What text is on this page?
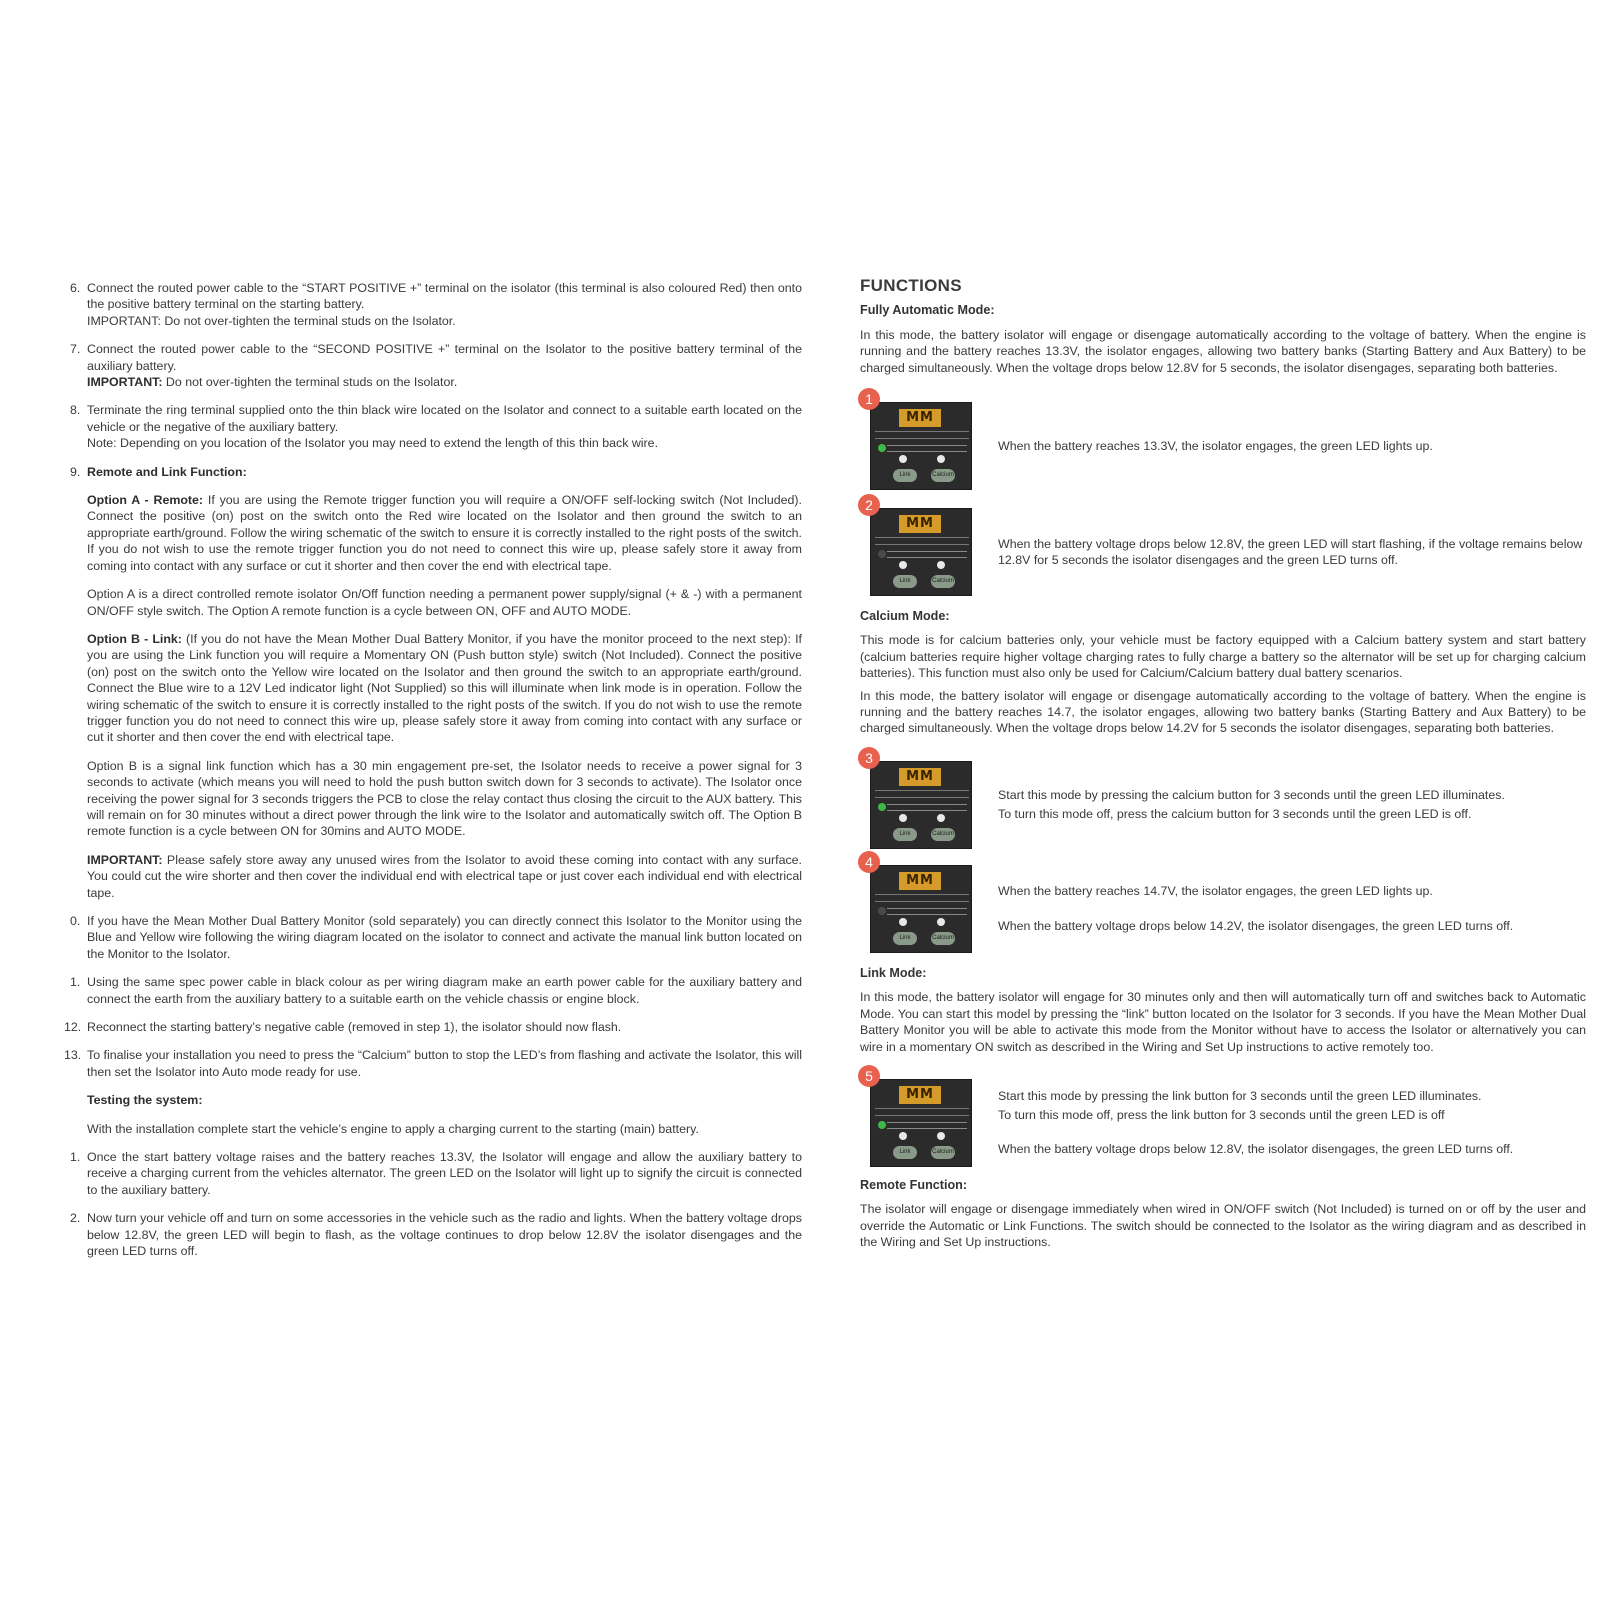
6. Connect the routed power cable to the “START POSITIVE +” terminal on the isolator (this terminal is also coloured Red) then onto the positive battery terminal on the starting battery.
IMPORTANT: Do not over-tighten the terminal studs on the Isolator.
7. Connect the routed power cable to the “SECOND POSITIVE +” terminal on the Isolator to the positive battery terminal of the auxiliary battery.
IMPORTANT: Do not over-tighten the terminal studs on the Isolator.
8. Terminate the ring terminal supplied onto the thin black wire located on the Isolator and connect to a suitable earth located on the vehicle or the negative of the auxiliary battery.
Note: Depending on you location of the Isolator you may need to extend the length of this thin back wire.
9. Remote and Link Function:
Option A - Remote: If you are using the Remote trigger function you will require a ON/OFF self-locking switch (Not Included). Connect the positive (on) post on the switch onto the Red wire located on the Isolator and then ground the switch to an appropriate earth/ground. Follow the wiring schematic of the switch to ensure it is correctly installed to the right posts of the switch. If you do not wish to use the remote trigger function you do not need to connect this wire up, please safely store it away from coming into contact with any surface or cut it shorter and then cover the end with electrical tape.
Option A is a direct controlled remote isolator On/Off function needing a permanent power supply/signal (+ & -) with a permanent ON/OFF style switch. The Option A remote function is a cycle between ON, OFF and AUTO MODE.
Option B - Link: (If you do not have the Mean Mother Dual Battery Monitor, if you have the monitor proceed to the next step): If you are using the Link function you will require a Momentary ON (Push button style) switch (Not Included). Connect the positive (on) post on the switch onto the Yellow wire located on the Isolator and then ground the switch to an appropriate earth/ground. Connect the Blue wire to a 12V Led indicator light (Not Supplied) so this will illuminate when link mode is in operation. Follow the wiring schematic of the switch to ensure it is correctly installed to the right posts of the switch. If you do not wish to use the remote trigger function you do not need to connect this wire up, please safely store it away from coming into contact with any surface or cut it shorter and then cover the end with electrical tape.
Option B is a signal link function which has a 30 min engagement pre-set, the Isolator needs to receive a power signal for 3 seconds to activate (which means you will need to hold the push button switch down for 3 seconds to activate). The Isolator once receiving the power signal for 3 seconds triggers the PCB to close the relay contact thus closing the circuit to the AUX battery. This will remain on for 30 minutes without a direct power through the link wire to the Isolator and automatically switch off. The Option B remote function is a cycle between ON for 30mins and AUTO MODE.
IMPORTANT: Please safely store away any unused wires from the Isolator to avoid these coming into contact with any surface. You could cut the wire shorter and then cover the individual end with electrical tape or just cover each individual end with electrical tape.
0. If you have the Mean Mother Dual Battery Monitor (sold separately) you can directly connect this Isolator to the Monitor using the Blue and Yellow wire following the wiring diagram located on the isolator to connect and activate the manual link button located on the Monitor to the Isolator.
1. Using the same spec power cable in black colour as per wiring diagram make an earth power cable for the auxiliary battery and connect the earth from the auxiliary battery to a suitable earth on the vehicle chassis or engine block.
12. Reconnect the starting battery’s negative cable (removed in step 1), the isolator should now flash.
13. To finalise your installation you need to press the “Calcium” button to stop the LED’s from flashing and activate the Isolator, this will then set the Isolator into Auto mode ready for use.
Testing the system:
With the installation complete start the vehicle’s engine to apply a charging current to the starting (main) battery.
1. Once the start battery voltage raises and the battery reaches 13.3V, the Isolator will engage and allow the auxiliary battery to receive a charging current from the vehicles alternator. The green LED on the Isolator will light up to signify the circuit is connected to the auxiliary battery.
2. Now turn your vehicle off and turn on some accessories in the vehicle such as the radio and lights. When the battery voltage drops below 12.8V, the green LED will begin to flash, as the voltage continues to drop below 12.8V the isolator disengages and the green LED turns off.
FUNCTIONS
Fully Automatic Mode:
In this mode, the battery isolator will engage or disengage automatically according to the voltage of battery. When the engine is running and the battery reaches 13.3V, the isolator engages, allowing two battery banks (Starting Battery and Aux Battery) to be charged simultaneously. When the voltage drops below 12.8V for 5 seconds, the isolator disengages, separating both batteries.
1
MM
Link	Calcium
When the battery reaches 13.3V, the isolator engages, the green LED lights up.
2
MM
Link	Calcium
When the battery voltage drops below 12.8V, the green LED will start flashing, if the voltage remains below 12.8V for 5 seconds the isolator disengages and the green LED turns off.
Calcium Mode:
This mode is for calcium batteries only, your vehicle must be factory equipped with a Calcium battery system and start battery (calcium batteries require higher voltage charging rates to fully charge a battery so the alternator will be set up for charging calcium batteries). This function must also only be used for Calcium/Calcium battery dual battery scenarios.
In this mode, the battery isolator will engage or disengage automatically according to the voltage of battery. When the engine is running and the battery reaches 14.7, the isolator engages, allowing two battery banks (Starting Battery and Aux Battery) to be charged simultaneously. When the voltage drops below 14.2V for 5 seconds the isolator disengages, separating both batteries.
3
MM
Link	Calcium
Start this mode by pressing the calcium button for 3 seconds until the green LED illuminates.
To turn this mode off, press the calcium button for 3 seconds until the green LED is off.
4
MM
Link	Calcium
When the battery reaches 14.7V, the isolator engages, the green LED lights up.
When the battery voltage drops below 14.2V, the isolator disengages, the green LED turns off.
Link Mode:
In this mode, the battery isolator will engage for 30 minutes only and then will automatically turn off and switches back to Automatic Mode. You can start this model by pressing the “link” button located on the Isolator for 3 seconds. If you have the Mean Mother Dual Battery Monitor you will be able to activate this mode from the Monitor without have to access the Isolator or alternatively you can wire in a momentary ON switch as described in the Wiring and Set Up instructions to active remotely too.
5
MM
Link	Calcium
Start this mode by pressing the link button for 3 seconds until the green LED illuminates.
To turn this mode off, press the link button for 3 seconds until the green LED is off
When the battery voltage drops below 12.8V, the isolator disengages, the green LED turns off.
Remote Function:
The isolator will engage or disengage immediately when wired in ON/OFF switch (Not Included) is turned on or off by the user and override the Automatic or Link Functions. The switch should be connected to the Isolator as the wiring diagram and as described in the Wiring and Set Up instructions.
